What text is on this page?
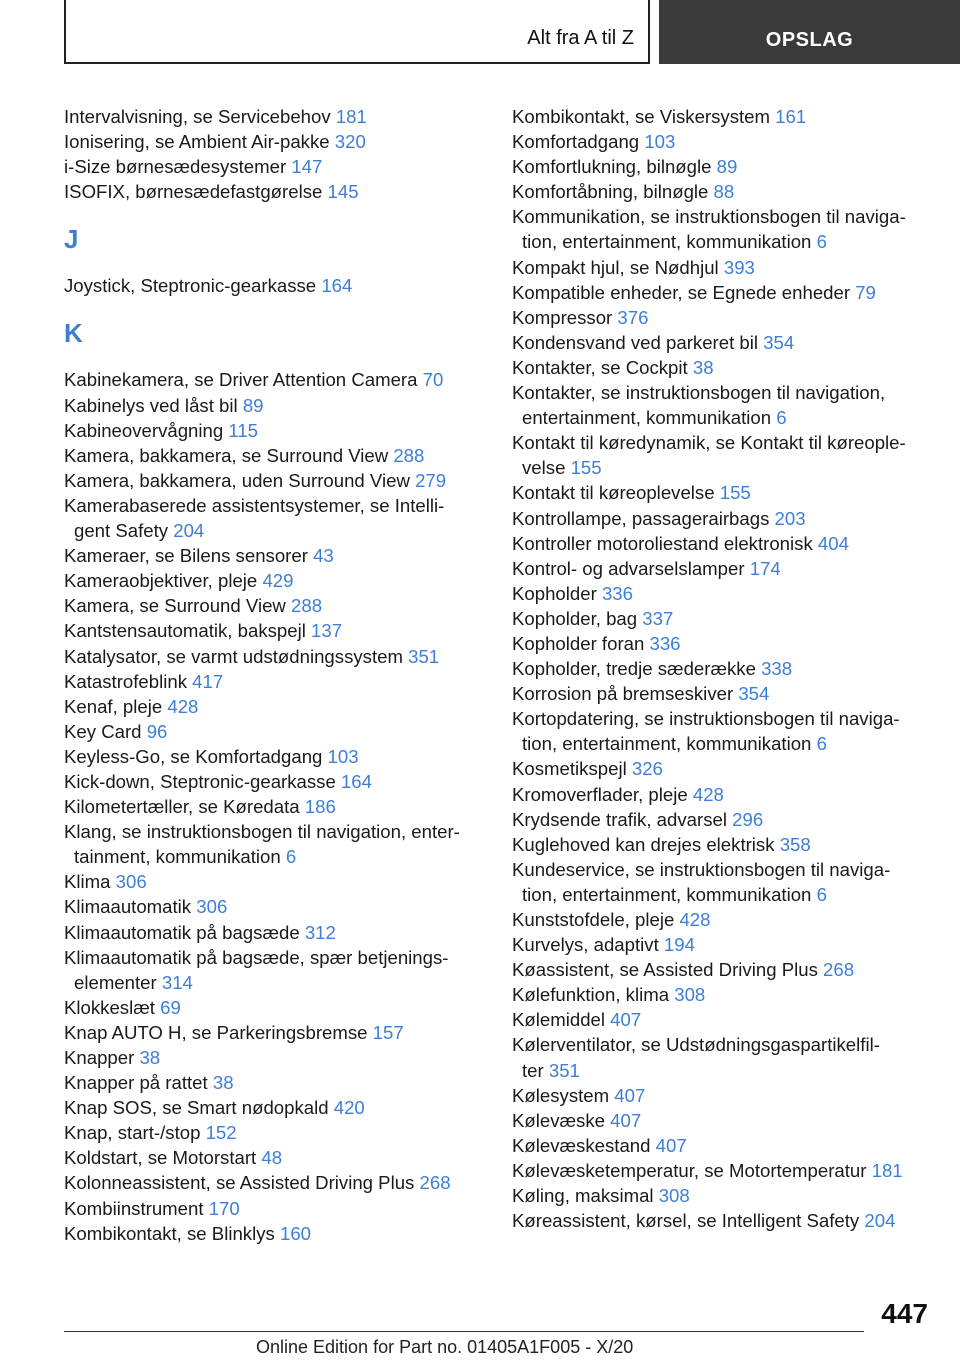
Alt fra A til Z	OPSLAG
Intervalvisning, se Servicebehov 181
Ionisering, se Ambient Air-pakke 320
i-Size børnesædesystemer 147
ISOFIX, børnesædefastgørelse 145
J
Joystick, Steptronic-gearkasse 164
K
Kabinekamera, se Driver Attention Camera 70
Kabinelys ved låst bil 89
Kabineovervågning 115
Kamera, bakkamera, se Surround View 288
Kamera, bakkamera, uden Surround View 279
Kamerabaserede assistentsystemer, se Intelli-
gent Safety 204
Kameraer, se Bilens sensorer 43
Kameraobjektiver, pleje 429
Kamera, se Surround View 288
Kantstensautomatik, bakspejl 137
Katalysator, se varmt udstødningssystem 351
Katastrofeblink 417
Kenaf, pleje 428
Key Card 96
Keyless-Go, se Komfortadgang 103
Kick-down, Steptronic-gearkasse 164
Kilometertæller, se Køredata 186
Klang, se instruktionsbogen til navigation, enter-
tainment, kommunikation 6
Klima 306
Klimaautomatik 306
Klimaautomatik på bagsæde 312
Klimaautomatik på bagsæde, spær betjenings-
elementer 314
Klokkeslæt 69
Knap AUTO H, se Parkeringsbremse 157
Knapper 38
Knapper på rattet 38
Knap SOS, se Smart nødopkald 420
Knap, start-/stop 152
Koldstart, se Motorstart 48
Kolonneassistent, se Assisted Driving Plus 268
Kombiinstrument 170
Kombikontakt, se Blinklys 160
Kombikontakt, se Viskersystem 161
Komfortadgang 103
Komfortlukning, bilnøgle 89
Komfortåbning, bilnøgle 88
Kommunikation, se instruktionsbogen til naviga-
tion, entertainment, kommunikation 6
Kompakt hjul, se Nødhjul 393
Kompatible enheder, se Egnede enheder 79
Kompressor 376
Kondensvand ved parkeret bil 354
Kontakter, se Cockpit 38
Kontakter, se instruktionsbogen til navigation,
entertainment, kommunikation 6
Kontakt til køredynamik, se Kontakt til køreople-
velse 155
Kontakt til køreoplevelse 155
Kontrollampe, passagerairbags 203
Kontroller motoroliestand elektronisk 404
Kontrol- og advarselslamper 174
Kopholder 336
Kopholder, bag 337
Kopholder foran 336
Kopholder, tredje sæderække 338
Korrosion på bremseskiver 354
Kortopdatering, se instruktionsbogen til naviga-
tion, entertainment, kommunikation 6
Kosmetikspejl 326
Kromoverflader, pleje 428
Krydsende trafik, advarsel 296
Kuglehoved kan drejes elektrisk 358
Kundeservice, se instruktionsbogen til naviga-
tion, entertainment, kommunikation 6
Kunststofdele, pleje 428
Kurvelys, adaptivt 194
Køassistent, se Assisted Driving Plus 268
Kølefunktion, klima 308
Kølemiddel 407
Kølerventilator, se Udstødningsgaspartikelfil-
ter 351
Kølesystem 407
Kølevæske 407
Kølevæskestand 407
Kølevæsketemperatur, se Motortemperatur 181
Køling, maksimal 308
Køreassistent, kørsel, se Intelligent Safety 204
447
Online Edition for Part no. 01405A1F005 - X/20
